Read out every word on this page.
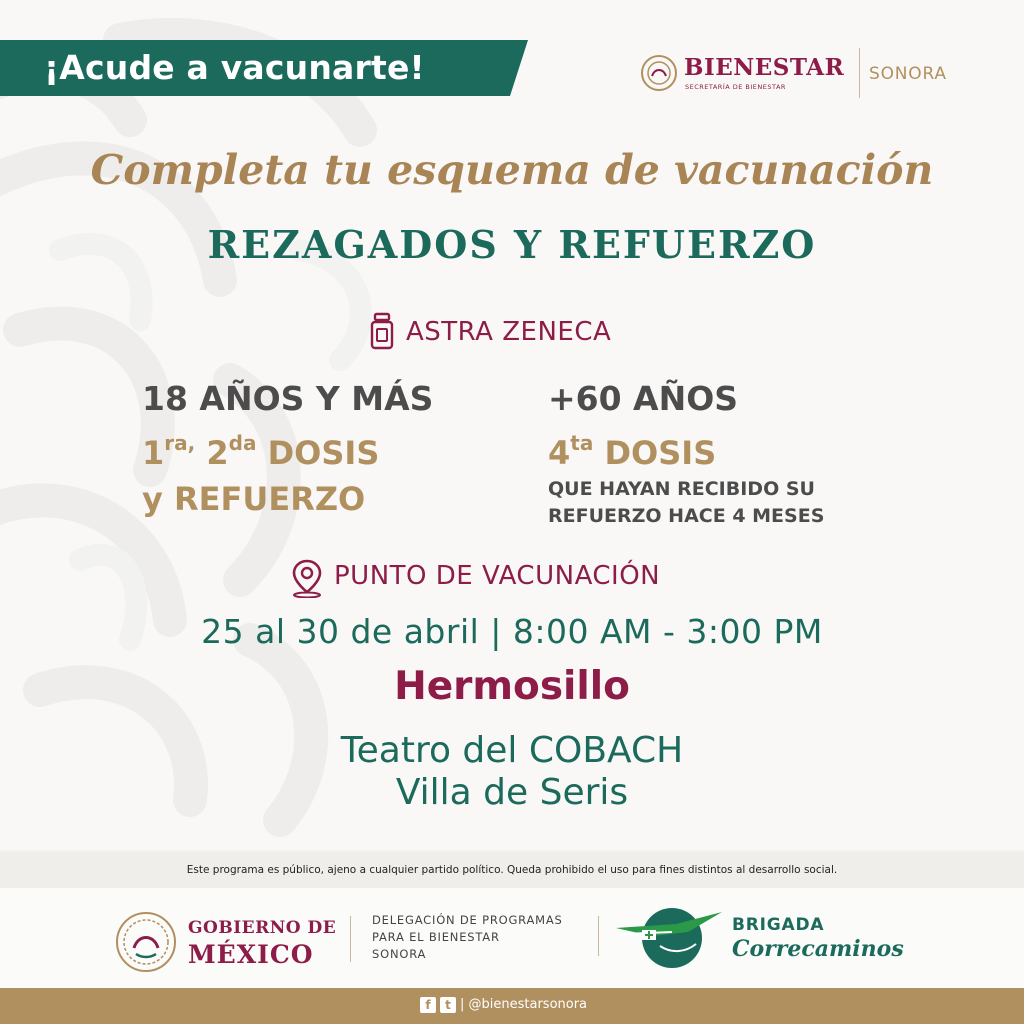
¡Acude a vacunarte!	BIENESTAR
SECRETARÍA DE BIENESTAR
SONORA
Completa tu esquema de vacunación
REZAGADOS Y REFUERZO
ASTRA ZENECA
18 AÑOS Y MÁS
$1^{ra,}$ $2^{da}$ DOSIS
y REFUERZO
+60 AÑOS
$4^{ta}$ DOSIS
QUE HAYAN RECIBIDO SU
REFUERZO HACE 4 MESES
PUNTO DE VACUNACIÓN
25 al 30 de abril | 8:00 AM - 3:00 PM
Hermosillo
Teatro del COBACH
Villa de Seris
Este programa es público, ajeno a cualquier partido político. Queda prohibido el uso para fines distintos al desarrollo social.
GOBIERNO DE
MÉXICO
DELEGACIÓN DE PROGRAMAS
PARA EL BIENESTAR
SONORA
BRIGADA
Correcaminos
f	t | @bienestarsonora
